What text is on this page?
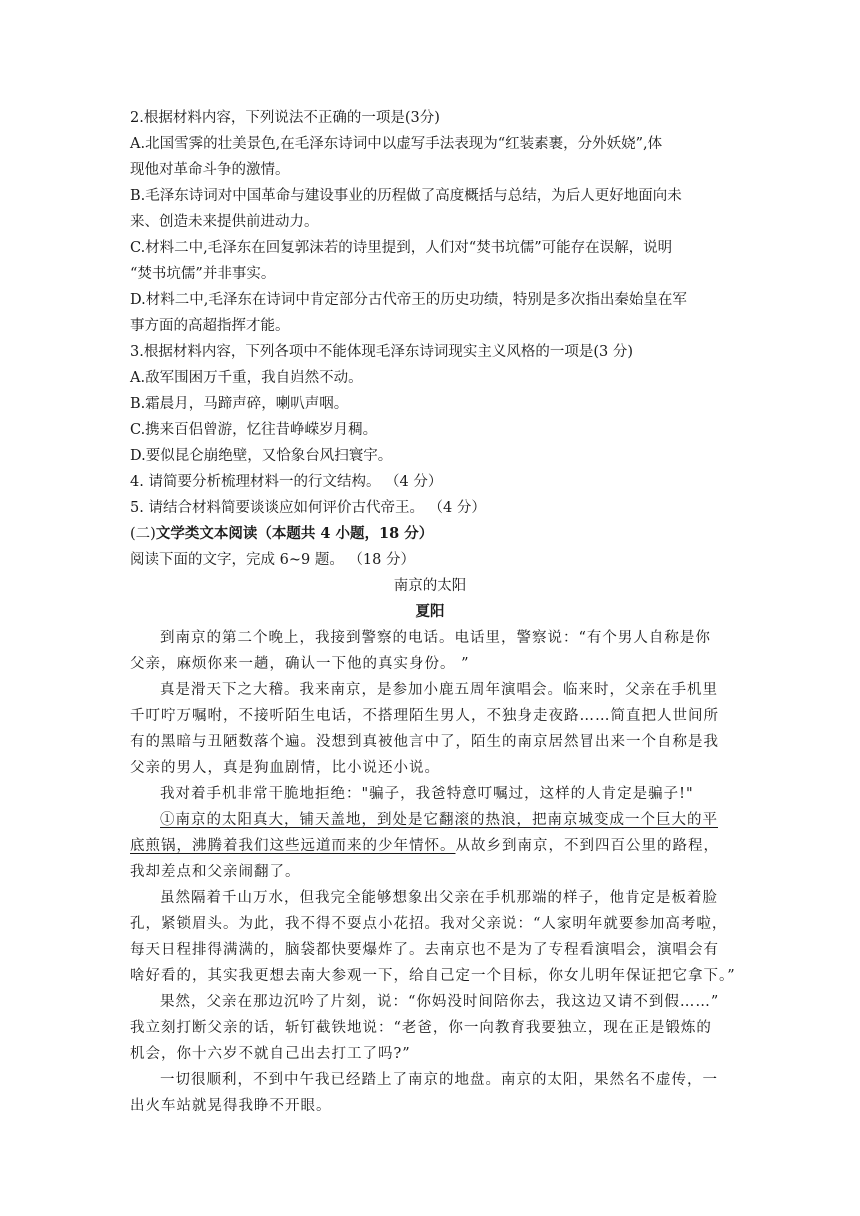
2.根据材料内容，下列说法不正确的一项是(3分)
A.北国雪霁的壮美景色,在毛泽东诗词中以虚写手法表现为“红装素裹，分外妖娆”,体
现他对革命斗争的激情。
B.毛泽东诗词对中国革命与建设事业的历程做了高度概括与总结，为后人更好地面向未
来、创造未来提供前进动力。
C.材料二中,毛泽东在回复郭沫若的诗里提到，人们对“焚书坑儒”可能存在误解，说明
“焚书坑儒”并非事实。
D.材料二中,毛泽东在诗词中肯定部分古代帝王的历史功绩，特别是多次指出秦始皇在军
事方面的高超指挥才能。
3.根据材料内容，下列各项中不能体现毛泽东诗词现实主义风格的一项是(3 分)
A.敌军围困万千重，我自岿然不动。
B.霜晨月，马蹄声碎，喇叭声咽。
C.携来百侣曾游，忆往昔峥嵘岁月稠。
D.要似昆仑崩绝壁，又恰象台风扫寰宇。
4. 请简要分析梳理材料一的行文结构。 （4 分）
5. 请结合材料简要谈谈应如何评价古代帝王。 （4 分）
(二)文学类文本阅读（本题共 4 小题，18 分）
阅读下面的文字，完成 6~9 题。 （18 分）
南京的太阳
夏阳
到南京的第二个晚上，我接到警察的电话。电话里，警察说：“有个男人自称是你
父亲，麻烦你来一趟，确认一下他的真实身份。 ”
真是滑天下之大稽。我来南京，是参加小鹿五周年演唱会。临来时，父亲在手机里
千叮咛万嘱咐，不接听陌生电话，不搭理陌生男人，不独身走夜路……简直把人世间所
有的黑暗与丑陋数落个遍。没想到真被他言中了，陌生的南京居然冒出来一个自称是我
父亲的男人，真是狗血剧情，比小说还小说。
我对着手机非常干脆地拒绝："骗子，我爸特意叮嘱过，这样的人肯定是骗子!"
①南京的太阳真大，铺天盖地，到处是它翻滚的热浪，把南京城变成一个巨大的平
底煎锅，沸腾着我们这些远道而来的少年情怀。从故乡到南京，不到四百公里的路程，
我却差点和父亲闹翻了。
虽然隔着千山万水，但我完全能够想象出父亲在手机那端的样子，他肯定是板着脸
孔，紧锁眉头。为此，我不得不耍点小花招。我对父亲说：“人家明年就要参加高考啦，
每天日程排得满满的，脑袋都快要爆炸了。去南京也不是为了专程看演唱会，演唱会有
啥好看的，其实我更想去南大参观一下，给自己定一个目标，你女儿明年保证把它拿下。”
果然，父亲在那边沉吟了片刻，说：“你妈没时间陪你去，我这边又请不到假……”
我立刻打断父亲的话，斩钉截铁地说：“老爸，你一向教育我要独立，现在正是锻炼的
机会，你十六岁不就自己出去打工了吗?”
一切很顺利，不到中午我已经踏上了南京的地盘。南京的太阳，果然名不虚传，一
出火车站就晃得我睁不开眼。
